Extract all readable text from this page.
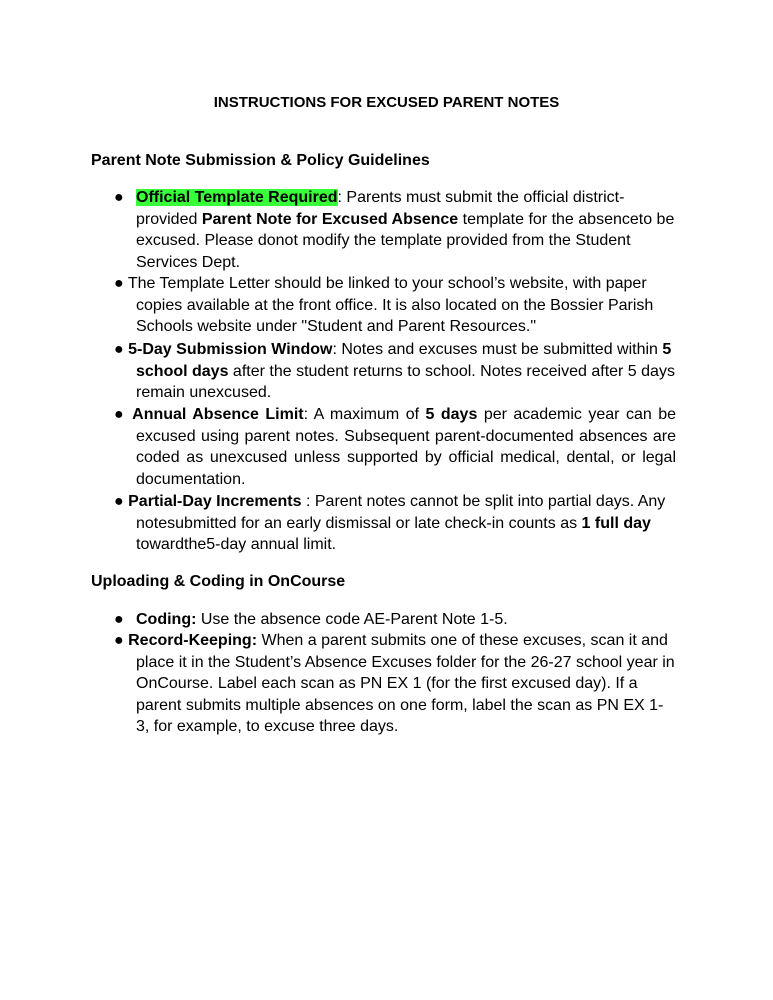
INSTRUCTIONS FOR EXCUSED PARENT NOTES
Parent Note Submission & Policy Guidelines
● Official Template Required: Parents must submit the official district-provided Parent Note for Excused Absence template for the absenceto be excused. Please donot modify the template provided from the Student Services Dept.
● The Template Letter should be linked to your school’s website, with paper copies available at the front office. It is also located on the Bossier Parish Schools website under "Student and Parent Resources."
● 5-Day Submission Window: Notes and excuses must be submitted within 5 school days after the student returns to school. Notes received after 5 days remain unexcused.
● Annual Absence Limit: A maximum of 5 days per academic year can be excused using parent notes. Subsequent parent-documented absences are coded as unexcused unless supported by official medical, dental, or legal documentation.
● Partial-Day Increments : Parent notes cannot be split into partial days. Any notesubmitted for an early dismissal or late check-in counts as 1 full day towardthe5-day annual limit.
Uploading & Coding in OnCourse
● Coding: Use the absence code AE-Parent Note 1-5.
● Record-Keeping: When a parent submits one of these excuses, scan it and place it in the Student’s Absence Excuses folder for the 26-27 school year in OnCourse. Label each scan as PN EX 1 (for the first excused day). If a parent submits multiple absences on one form, label the scan as PN EX 1-3, for example, to excuse three days.
